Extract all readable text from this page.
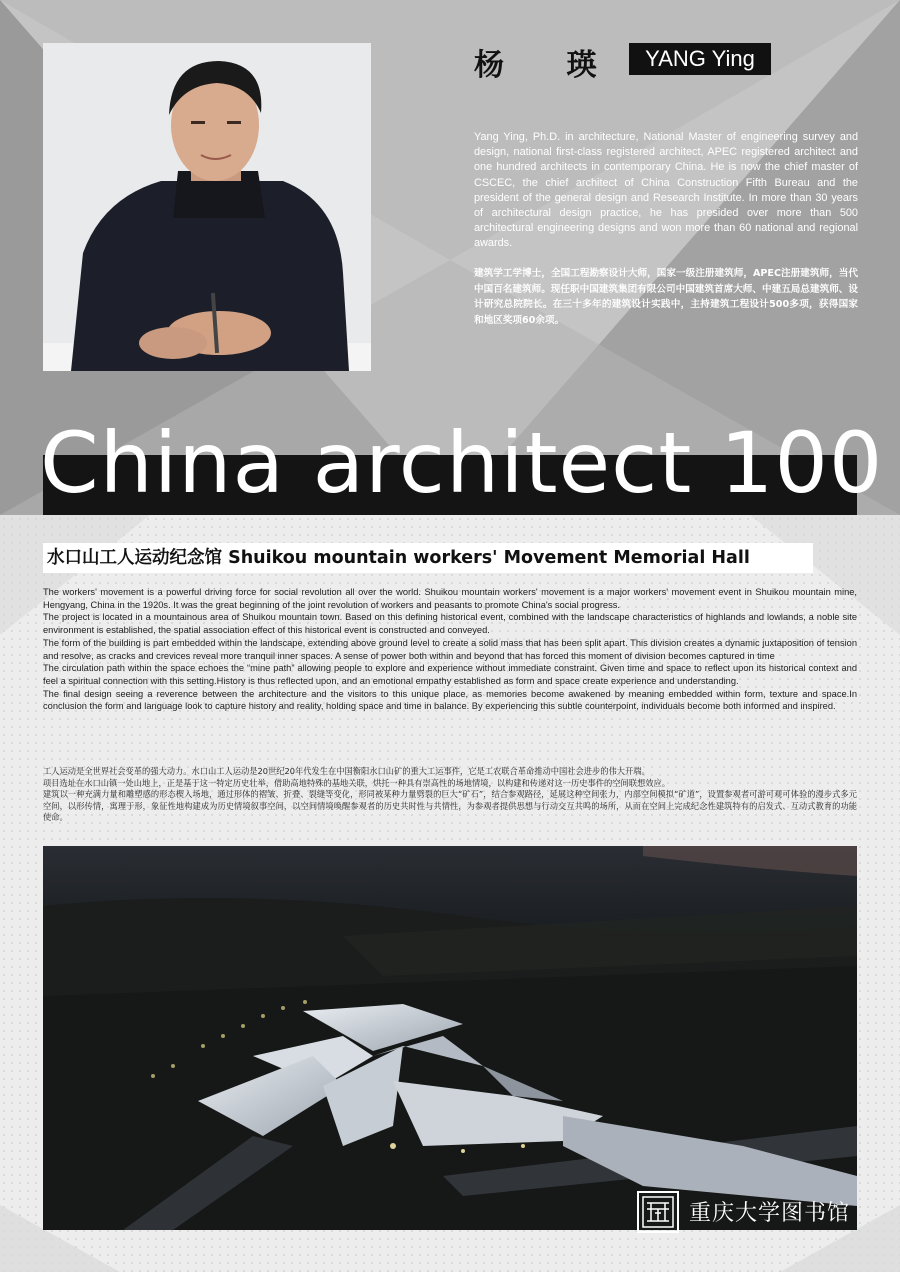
杨 瑛	YANG Ying
Yang Ying, Ph.D. in architecture, National Master of engineering survey and design, national first-class registered architect, APEC registered architect and one hundred architects in contemporary China. He is now the chief master of CSCEC, the chief architect of China Construction Fifth Bureau and the president of the general design and Research Institute. In more than 30 years of architectural design practice, he has presided over more than 500 architectural engineering designs and won more than 60 national and regional awards.
建筑学工学博士，全国工程勘察设计大师，国家一级注册建筑师，APEC注册建筑师，当代中国百名建筑师。现任职中国建筑集团有限公司中国建筑首席大师、中建五局总建筑师、设计研究总院院长。在三十多年的建筑设计实践中，主持建筑工程设计500多项，获得国家和地区奖项60余项。
China architect 100
水口山工人运动纪念馆 Shuikou mountain workers' Movement Memorial Hall

The workers' movement is a powerful driving force for social revolution all over the world. Shuikou mountain workers' movement is a major workers' movement event in Shuikou mountain mine, Hengyang, China in the 1920s. It was the great beginning of the joint revolution of workers and peasants to promote China's social progress.

The project is located in a mountainous area of Shuikou mountain town. Based on this defining historical event, combined with the landscape characteristics of highlands and lowlands, a noble site environment is established, the spatial association effect of this historical event is constructed and conveyed.

The form of the building is part embedded within the landscape, extending above ground level to create a solid mass that has been split apart. This division creates a dynamic juxtaposition of tension and resolve, as cracks and crevices reveal more tranquil inner spaces. A sense of power both within and beyond that has forced this moment of division becomes captured in time

The circulation path within the space echoes the “mine path” allowing people to explore and experience without immediate constraint. Given time and space to reflect upon its historical context and feel a spiritual connection with this setting.History is thus reflected upon, and an emotional empathy established as form and space create experience and understanding.

The final design seeing a reverence between the architecture and the visitors to this unique place, as memories become awakened by meaning embedded within form, texture and space.In conclusion the form and language look to capture history and reality, holding space and time in balance. By experiencing this subtle counterpoint, individuals become both informed and inspired.

工人运动是全世界社会变革的强大动力。水口山工人运动是20世纪20年代发生在中国衡阳水口山矿的重大工运事件，它是工农联合革命推动中国社会进步的伟大开端。

项目选址在水口山镇一处山地上，正是基于这一特定历史壮举，借助高地特殊的基地关联，烘托一种具有崇高性的场地情境，以构建和传递对这一历史事件的空间联想效应。

建筑以一种充满力量和雕塑感的形态楔入场地，通过形体的褶皱、折叠、裂缝等变化，形同被某种力量劈裂的巨大“矿石”，结合参观路径，延展这种空间张力，内部空间模拟“矿道”，设置参观者可游可观可体验的漫步式多元空间，以形传情，寓理于形，象征性地构建成为历史情境叙事空间，以空间情境唤醒参观者的历史共时性与共情性，为参观者提供思想与行动交互共鸣的场所，从而在空间上完成纪念性建筑特有的启发式、互动式教育的功能使命。

重庆大学图书馆
